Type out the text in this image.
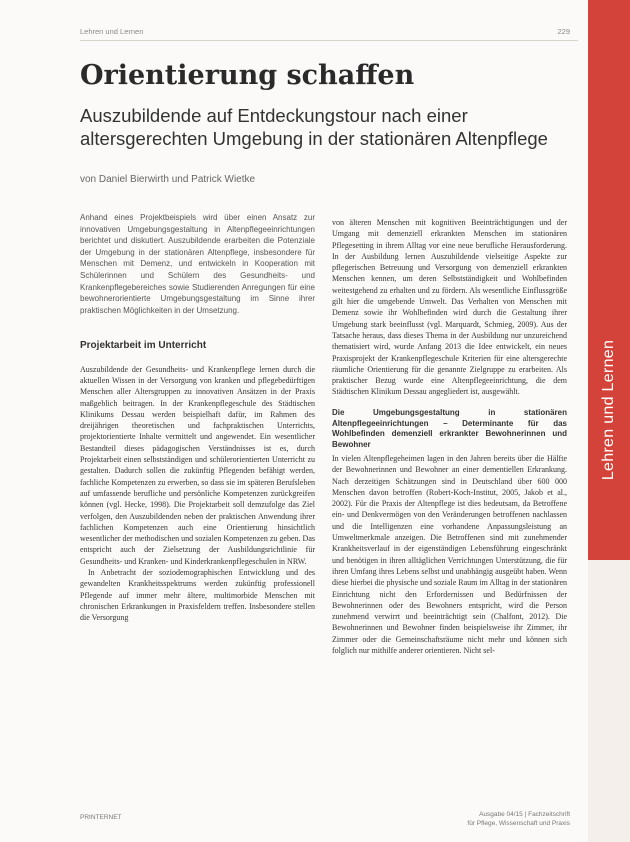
Lehren und Lernen
Lehren und Lernen	229
Orientierung schaffen
Auszubildende auf Entdeckungstour nach einer altersgerechten Umgebung in der stationären Altenpflege
von Daniel Bierwirth und Patrick Wietke

Anhand eines Projektbeispiels wird über einen Ansatz zur innovativen Umgebungsgestaltung in Altenpflegeeinrichtungen berichtet und diskutiert. Auszubildende erarbeiten die Potenziale der Umgebung in der stationären Altenpflege, insbesondere für Menschen mit Demenz, und entwickeln in Kooperation mit Schülerinnen und Schülern des Gesundheits- und Krankenpflegebereiches sowie Studierenden Anregungen für eine bewohnerorientierte Umgebungsgestaltung im Sinne ihrer praktischen Möglichkeiten in der Umsetzung.

Projektarbeit im Unterricht

Auszubildende der Gesundheits- und Krankenpflege lernen durch die aktuellen Wissen in der Versorgung von kranken und pflegebedürftigen Menschen aller Altersgruppen zu innovativen Ansätzen in der Praxis maßgeblich beitragen. In der Krankenpflegeschule des Städtischen Klinikums Dessau werden beispielhaft dafür, im Rahmen des dreijährigen theoretischen und fachpraktischen Unterrichts, projektorientierte Inhalte vermittelt und angewendet. Ein wesentlicher Bestandteil dieses pädagogischen Verständnisses ist es, durch Projektarbeit einen selbstständigen und schülerorientierten Unterricht zu gestalten. Dadurch sollen die zukünftig Pflegenden befähigt werden, fachliche Kompetenzen zu erwerben, so dass sie im späteren Berufsleben auf umfassende berufliche und persönliche Kompetenzen zurückgreifen können (vgl. Hecke, 1998). Die Projektarbeit soll demzufolge das Ziel verfolgen, den Auszubildenden neben der praktischen Anwendung ihrer fachlichen Kompetenzen auch eine Orientierung hinsichtlich wesentlicher der methodischen und sozialen Kompetenzen zu geben. Das entspricht auch der Zielsetzung der Ausbildungsrichtlinie für Gesundheits- und Kranken- und Kinderkrankenpflegeschulen in NRW.

In Anbetracht der soziodemographischen Entwicklung und des gewandelten Krankheitsspektrums werden zukünftig professionell Pflegende auf immer mehr ältere, multimorbide Menschen mit chronischen Erkrankungen in Praxisfeldern treffen. Insbesondere stellen die Versorgung

von älteren Menschen mit kognitiven Beeinträchtigungen und der Umgang mit demenziell erkrankten Menschen im stationären Pflegesetting in ihrem Alltag vor eine neue berufliche Herausforderung. In der Ausbildung lernen Auszubildende vielseitige Aspekte zur pflegerischen Betreuung und Versorgung von demenziell erkrankten Menschen kennen, um deren Selbstständigkeit und Wohlbefinden weitestgehend zu erhalten und zu fördern. Als wesentliche Einflussgröße gilt hier die umgebende Umwelt. Das Verhalten von Menschen mit Demenz sowie ihr Wohlbefinden wird durch die Gestaltung ihrer Umgebung stark beeinflusst (vgl. Marquardt, Schmieg, 2009). Aus der Tatsache heraus, dass dieses Thema in der Ausbildung nur unzureichend thematisiert wird, wurde Anfang 2013 die Idee entwickelt, ein neues Praxisprojekt der Krankenpflegeschule Kriterien für eine altersgerechte räumliche Orientierung für die genannte Zielgruppe zu erarbeiten. Als praktischer Bezug wurde eine Altenpflegeeinrichtung, die dem Städtischen Klinikum Dessau angegliedert ist, ausgewählt.

Die Umgebungsgestaltung in stationären Altenpflegeeinrichtungen – Determinante für das Wohlbefinden demenziell erkrankter Bewohnerinnen und Bewohner

In vielen Altenpflegeheimen lagen in den Jahren bereits über die Hälfte der Bewohnerinnen und Bewohner an einer dementiellen Erkrankung. Nach derzeitigen Schätzungen sind in Deutschland über 600 000 Menschen davon betroffen (Robert-Koch-Institut, 2005, Jakob et al., 2002). Für die Praxis der Altenpflege ist dies bedeutsam, da Betroffene ein- und Denkvermögen von den Veränderungen betroffenen nachlassen und die Intelligenzen eine vorhandene Anpassungsleistung an Umweltmerkmale anzeigen. Die Betroffenen sind mit zunehmender Krankheitsverlauf in der eigenständigen Lebensführung eingeschränkt und benötigen in ihren alltäglichen Verrichtungen Unterstützung, die für ihren Umfang ihres Lebens selbst und unabhängig ausgeübt haben. Wenn diese hierbei die physische und soziale Raum im Alltag in der stationären Einrichtung nicht den Erfordernissen und Bedürfnissen der Bewohnerinnen oder des Bewohners entspricht, wird die Person zunehmend verwirrt und beeinträchtigt sein (Chalfont, 2012). Die Bewohnerinnen und Bewohner finden beispielsweise ihr Zimmer, ihr Zimmer oder die Gemeinschaftsräume nicht mehr und können sich folglich nur mithilfe anderer orientieren. Nicht sel-

PRINTERNET	Ausgabe 04/15 | Fachzeitschrift
für Pflege, Wissenschaft und Praxis
